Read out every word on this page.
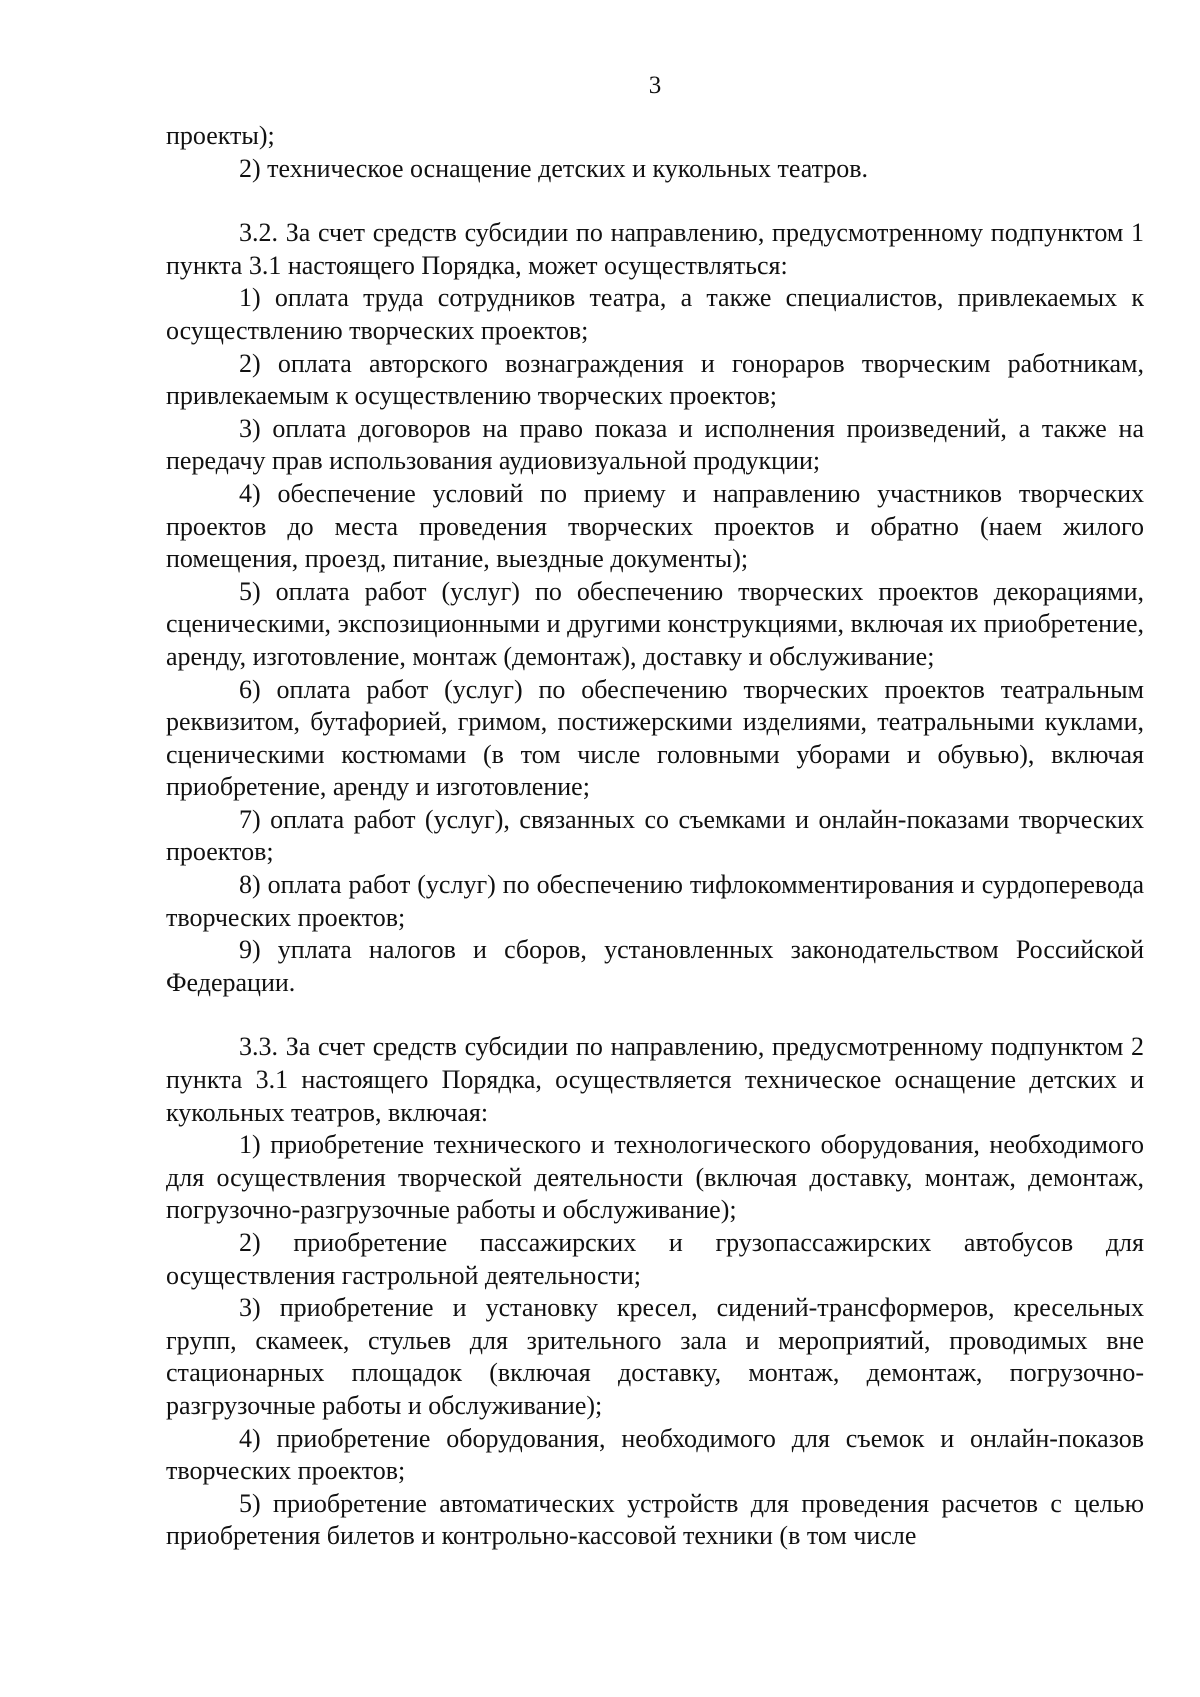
3

проекты);

2) техническое оснащение детских и кукольных театров.

3.2. За счет средств субсидии по направлению, предусмотренному подпунктом 1 пункта 3.1 настоящего Порядка, может осуществляться:

1) оплата труда сотрудников театра, а также специалистов, привлекаемых к осуществлению творческих проектов;

2) оплата авторского вознаграждения и гонораров творческим работникам, привлекаемым к осуществлению творческих проектов;

3) оплата договоров на право показа и исполнения произведений, а также на передачу прав использования аудиовизуальной продукции;

4) обеспечение условий по приему и направлению участников творческих проектов до места проведения творческих проектов и обратно (наем жилого помещения, проезд, питание, выездные документы);

5) оплата работ (услуг) по обеспечению творческих проектов декорациями, сценическими, экспозиционными и другими конструкциями, включая их приобретение, аренду, изготовление, монтаж (демонтаж), доставку и обслуживание;

6) оплата работ (услуг) по обеспечению творческих проектов театральным реквизитом, бутафорией, гримом, постижерскими изделиями, театральными куклами, сценическими костюмами (в том числе головными уборами и обувью), включая приобретение, аренду и изготовление;

7) оплата работ (услуг), связанных со съемками и онлайн-показами творческих проектов;

8) оплата работ (услуг) по обеспечению тифлокомментирования и сурдоперевода творческих проектов;

9) уплата налогов и сборов, установленных законодательством Российской Федерации.

3.3. За счет средств субсидии по направлению, предусмотренному подпунктом 2 пункта 3.1 настоящего Порядка, осуществляется техническое оснащение детских и кукольных театров, включая:

1) приобретение технического и технологического оборудования, необходимого для осуществления творческой деятельности (включая доставку, монтаж, демонтаж, погрузочно-разгрузочные работы и обслуживание);

2) приобретение пассажирских и грузопассажирских автобусов для осуществления гастрольной деятельности;

3) приобретение и установку кресел, сидений-трансформеров, кресельных групп, скамеек, стульев для зрительного зала и мероприятий, проводимых вне стационарных площадок (включая доставку, монтаж, демонтаж, погрузочно-разгрузочные работы и обслуживание);

4) приобретение оборудования, необходимого для съемок и онлайн-показов творческих проектов;

5) приобретение автоматических устройств для проведения расчетов с целью приобретения билетов и контрольно-кассовой техники (в том числе
